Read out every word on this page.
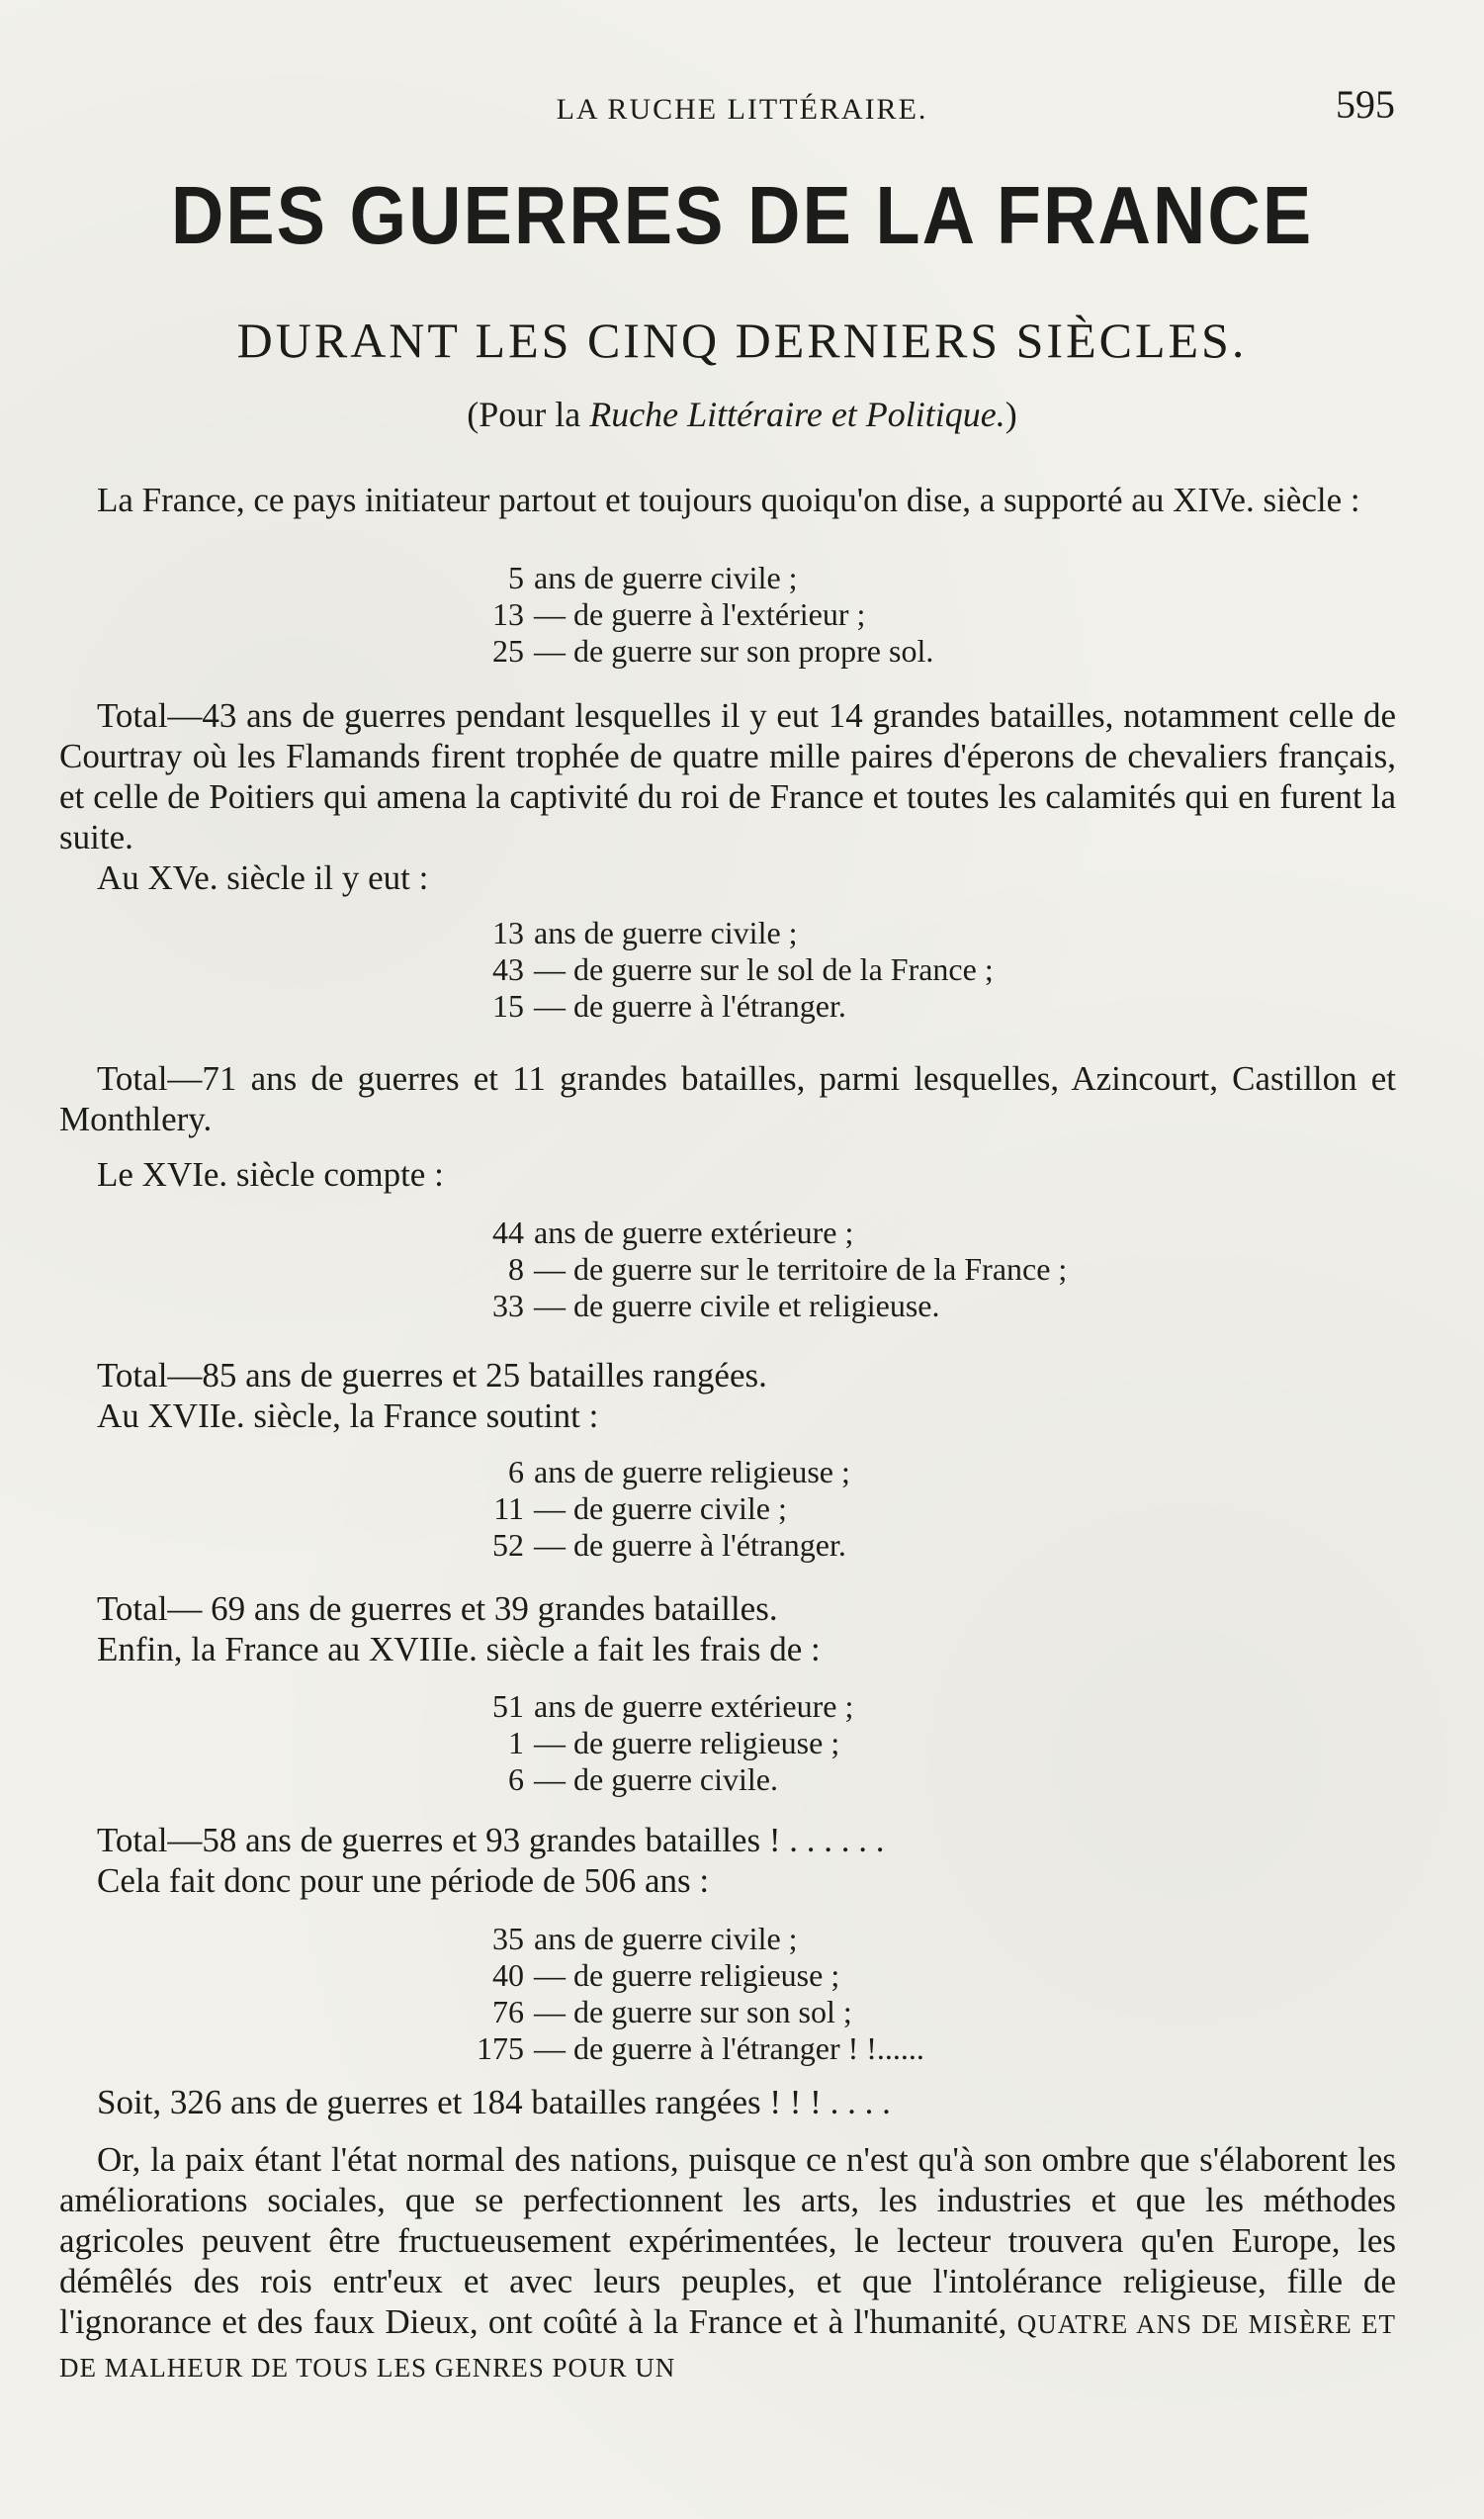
LA RUCHE LITTÉRAIRE.	595
DES GUERRES DE LA FRANCE
DURANT LES CINQ DERNIERS SIÈCLES.
(Pour la Ruche Littéraire et Politique.)
La France, ce pays initiateur partout et toujours quoiqu'on dise, a supporté au XIVe. siècle :
5 ans de guerre civile ;
13 — de guerre à l'extérieur ;
25 — de guerre sur son propre sol.
Total—43 ans de guerres pendant lesquelles il y eut 14 grandes batailles, notamment celle de Courtray où les Flamands firent trophée de quatre mille paires d'éperons de chevaliers français, et celle de Poitiers qui amena la captivité du roi de France et toutes les calamités qui en furent la suite.
Au XVe. siècle il y eut :
13 ans de guerre civile ;
43 — de guerre sur le sol de la France ;
15 — de guerre à l'étranger.
Total—71 ans de guerres et 11 grandes batailles, parmi lesquelles, Azincourt, Castillon et Monthlery.
Le XVIe. siècle compte :
44 ans de guerre extérieure ;
8 — de guerre sur le territoire de la France ;
33 — de guerre civile et religieuse.
Total—85 ans de guerres et 25 batailles rangées.
Au XVIIe. siècle, la France soutint :
6 ans de guerre religieuse ;
11 — de guerre civile ;
52 — de guerre à l'étranger.
Total— 69 ans de guerres et 39 grandes batailles.
Enfin, la France au XVIIIe. siècle a fait les frais de :
51 ans de guerre extérieure ;
1 — de guerre religieuse ;
6 — de guerre civile.
Total—58 ans de guerres et 93 grandes batailles ! . . . . . .
Cela fait donc pour une période de 506 ans :
35 ans de guerre civile ;
40 — de guerre religieuse ;
76 — de guerre sur son sol ;
175 — de guerre à l'étranger ! !......
Soit, 326 ans de guerres et 184 batailles rangées ! ! ! . . . .
Or, la paix étant l'état normal des nations, puisque ce n'est qu'à son ombre que s'élaborent les améliorations sociales, que se perfectionnent les arts, les industries et que les méthodes agricoles peuvent être fructueusement expérimentées, le lecteur trouvera qu'en Europe, les démêlés des rois entr'eux et avec leurs peuples, et que l'intolérance religieuse, fille de l'ignorance et des faux Dieux, ont coûté à la France et à l'humanité, QUATRE ANS DE MISÈRE ET DE MALHEUR DE TOUS LES GENRES POUR UN
